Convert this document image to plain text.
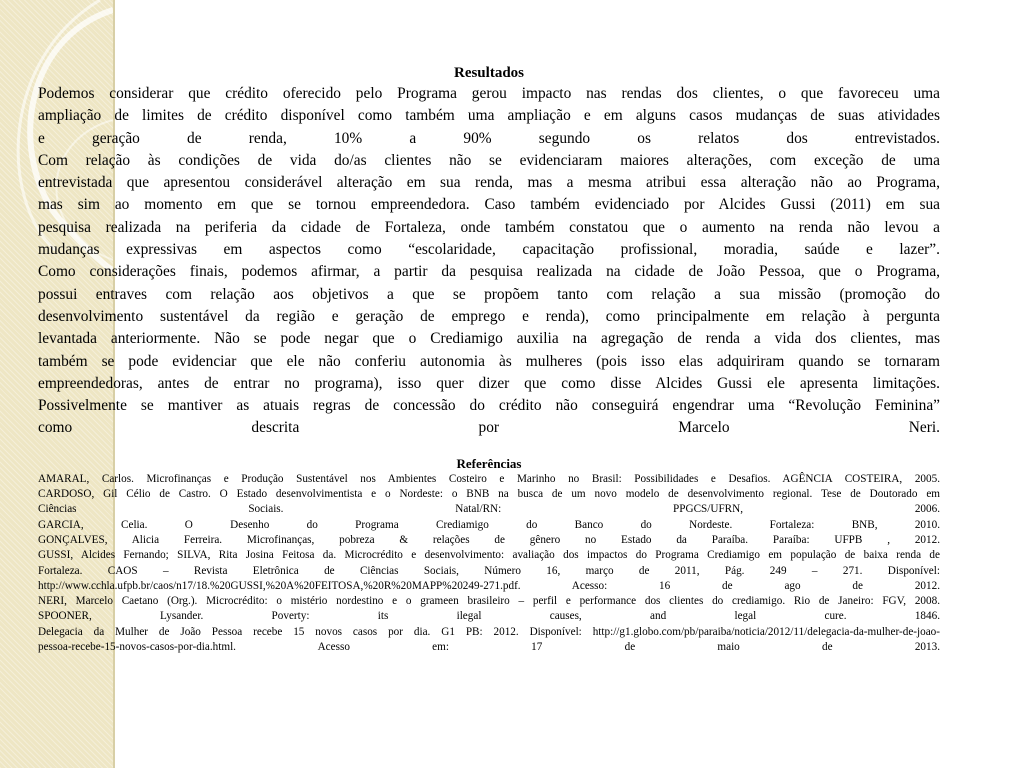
Resultados

Podemos considerar que crédito oferecido pelo Programa gerou impacto nas rendas dos clientes, o que favoreceu uma

ampliação de limites de crédito disponível como também uma ampliação e em alguns casos mudanças de suas atividades

e geração de renda, 10% a 90% segundo os relatos dos entrevistados.

Com relação às condições de vida do/as clientes não se evidenciaram maiores alterações, com exceção de uma

entrevistada que apresentou considerável alteração em sua renda, mas a mesma atribui essa alteração não ao Programa,

mas sim ao momento em que se tornou empreendedora. Caso também evidenciado por Alcides Gussi (2011) em sua

pesquisa realizada na periferia da cidade de Fortaleza, onde também constatou que o aumento na renda não levou a

mudanças expressivas em aspectos como “escolaridade, capacitação profissional, moradia, saúde e lazer”.

Como considerações finais, podemos afirmar, a partir da pesquisa realizada na cidade de João Pessoa, que o Programa,

possui entraves com relação aos objetivos a que se propõem tanto com relação a sua missão (promoção do

desenvolvimento sustentável da região e geração de emprego e renda), como principalmente em relação à pergunta

levantada anteriormente. Não se pode negar que o Crediamigo auxilia na agregação de renda a vida dos clientes, mas

também se pode evidenciar que ele não conferiu autonomia às mulheres (pois isso elas adquiriram quando se tornaram

empreendedoras, antes de entrar no programa), isso quer dizer que como disse Alcides Gussi ele apresenta limitações.

Possivelmente se mantiver as atuais regras de concessão do crédito não conseguirá engendrar uma “Revolução Feminina”

como descrita por Marcelo Neri.

Referências

AMARAL, Carlos. Microfinanças e Produção Sustentável nos Ambientes Costeiro e Marinho no Brasil: Possibilidades e Desafios. AGÊNCIA COSTEIRA, 2005.

CARDOSO, Gil Célio de Castro. O Estado desenvolvimentista e o Nordeste: o BNB na busca de um novo modelo de desenvolvimento regional. Tese de Doutorado em

Ciências Sociais. Natal/RN: PPGCS/UFRN, 2006.

GARCIA, Celia. O Desenho do Programa Crediamigo do Banco do Nordeste. Fortaleza: BNB, 2010.

GONÇALVES, Alicia Ferreira. Microfinanças, pobreza & relações de gênero no Estado da Paraíba. Paraíba: UFPB , 2012.

GUSSI, Alcides Fernando; SILVA, Rita Josina Feitosa da. Microcrédito e desenvolvimento: avaliação dos impactos do Programa Crediamigo em população de baixa renda de

Fortaleza. CAOS – Revista Eletrônica de Ciências Sociais, Número 16, março de 2011, Pág. 249 – 271. Disponível:

http://www.cchla.ufpb.br/caos/n17/18.%20GUSSI,%20A%20FEITOSA,%20R%20MAPP%20249-271.pdf. Acesso: 16 de ago de 2012.

NERI, Marcelo Caetano (Org.). Microcrédito: o mistério nordestino e o grameen brasileiro – perfil e performance dos clientes do crediamigo. Rio de Janeiro: FGV, 2008.

SPOONER, Lysander. Poverty: its ilegal causes, and legal cure. 1846.

Delegacia da Mulher de João Pessoa recebe 15 novos casos por dia. G1 PB: 2012. Disponível: http://g1.globo.com/pb/paraiba/noticia/2012/11/delegacia-da-mulher-de-joao-

pessoa-recebe-15-novos-casos-por-dia.html. Acesso em: 17 de maio de 2013.
